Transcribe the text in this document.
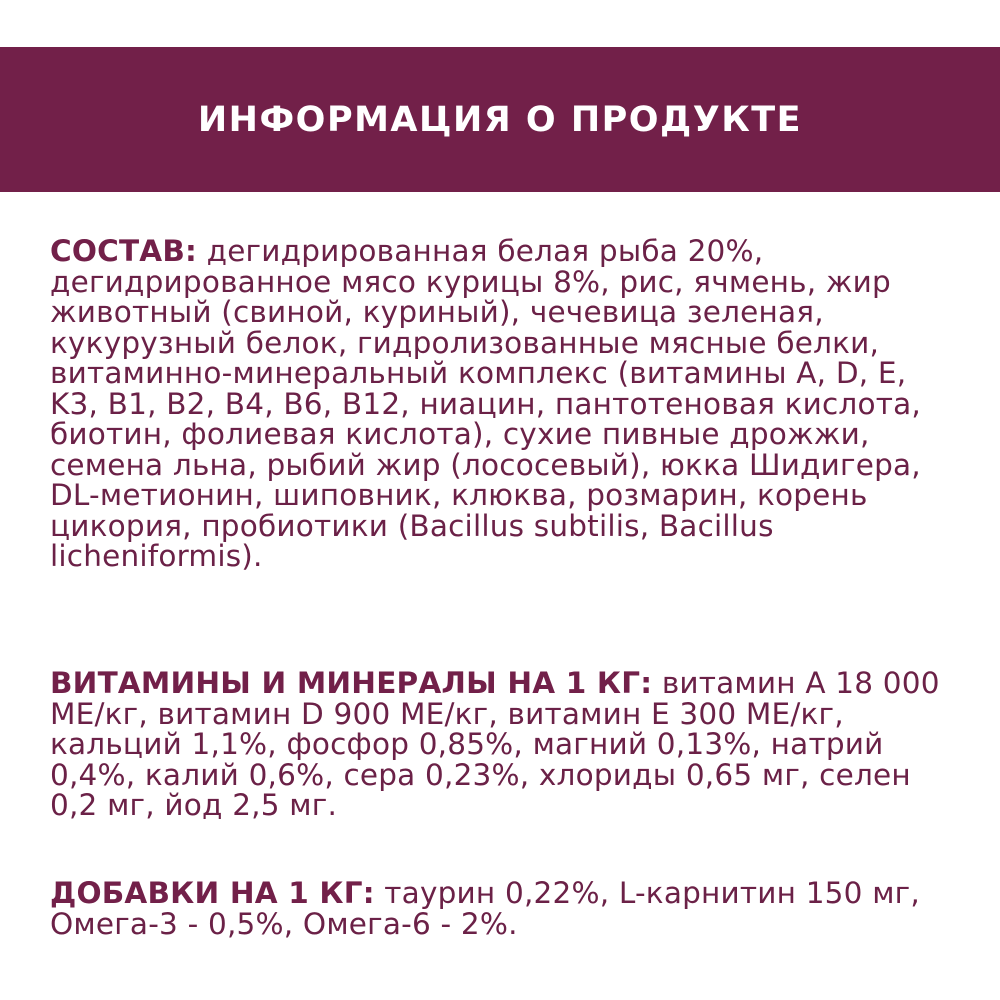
ИНФОРМАЦИЯ О ПРОДУКТЕ

СОСТАВ: дегидрированная белая рыба 20%, дегидрированное мясо курицы 8%, рис, ячмень, жир животный (свиной, куриный), чечевица зеленая, кукурузный белок, гидролизованные мясные белки, витаминно-минеральный комплекс (витамины A, D, E, K3, B1, B2, B4, B6, B12, ниацин, пантотеновая кислота, биотин, фолиевая кислота), сухие пивные дрожжи, семена льна, рыбий жир (лососевый), юкка Шидигера, DL-метионин, шиповник, клюква, розмарин, корень цикория, пробиотики (Bacillus subtilis, Bacillus licheniformis).

ВИТАМИНЫ И МИНЕРАЛЫ НА 1 КГ: витамин А 18 000 МЕ/кг, витамин D 900 МЕ/кг, витамин Е 300 МЕ/кг, кальций 1,1%, фосфор 0,85%, магний 0,13%, натрий 0,4%, калий 0,6%, сера 0,23%, хлориды 0,65 мг, селен 0,2 мг, йод 2,5 мг.

ДОБАВКИ НА 1 КГ: таурин 0,22%, L-карнитин 150 мг, Омега-3 - 0,5%, Омега-6 - 2%.
